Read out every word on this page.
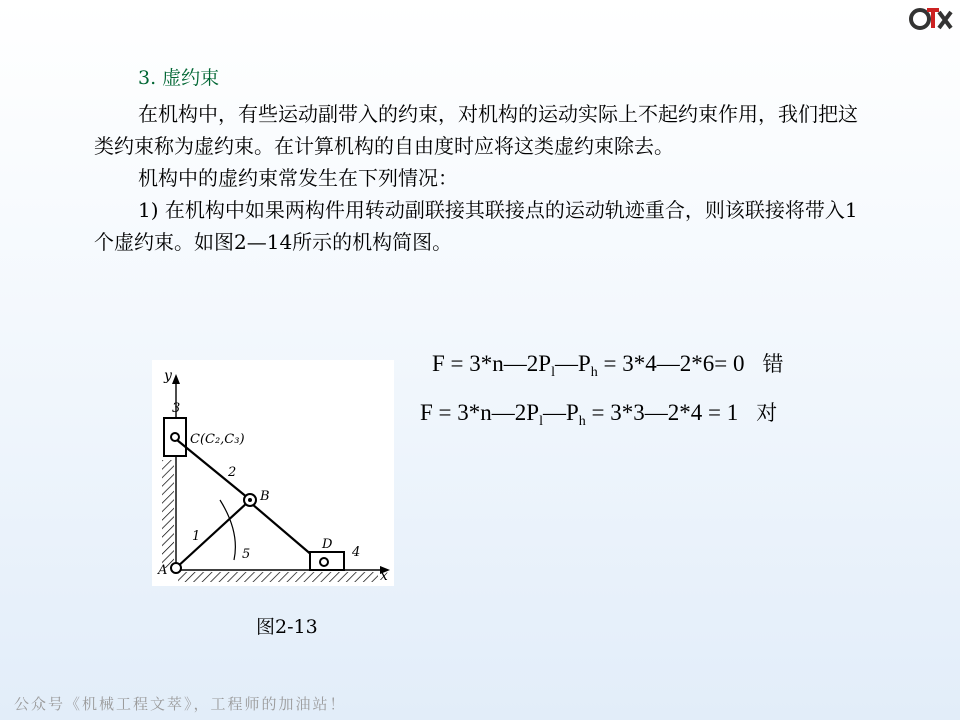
3. 虚约束

在机构中，有些运动副带入的约束，对机构的运动实际上不起约束作用，我们把这类约束称为虚约束。在计算机构的自由度时应将这类虚约束除去。

机构中的虚约束常发生在下列情况：

1) 在机构中如果两构件用转动副联接其联接点的运动轨迹重合，则该联接将带入1个虚约束。如图2—14所示的机构简图。

$F = 3*n—2P_l—P_h$ = 3*4—2*6= 0 错
$F = 3*n—2P_l—P_h$ = 3*3—2*4 = 1 对
y
x
3
C(C₂,C₃)
2
1
B
A
5
D
4
图2-13
公众号《机械工程文萃》，工程师的加油站！
